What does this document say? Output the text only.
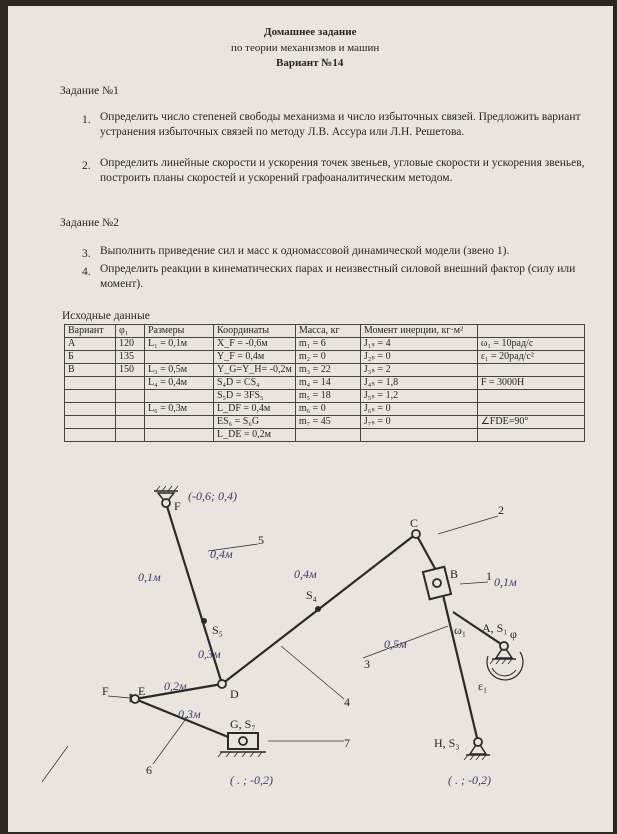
Домашнее задание
по теории механизмов и машин
Вариант №14
Задание №1
1. Определить число степеней свободы механизма и число избыточных связей. Предложить вариант устранения избыточных связей по методу Л.В. Ассура или Л.Н. Решетова.
2. Определить линейные скорости и ускорения точек звеньев, угловые скорости и ускорения звеньев, построить планы скоростей и ускорений графоаналитическим методом.
Задание №2
3. Выполнить приведение сил и масс к одномассовой динамической модели (звено 1).
4. Определить реакции в кинематических парах и неизвестный силовой внешний фактор (силу или момент).
Исходные данные
Вариант	φ₁	Размеры	Координаты	Масса, кг	Момент инерции, кг·м²	
А	120	L₁ = 0,1м	X_F = -0,6м	m₁ = 6	J₁ₛ = 4	ω₁ = 10рад/с
Б	135		Y_F = 0,4м	m₂ = 0	J₂ₛ = 0	ε₁ = 20рад/с²
В	150	L₃ = 0,5м	Y_G=Y_H= -0,2м	m₃ = 22	J₃ₛ = 2	
		L₄ = 0,4м	S₄D = CS₄	m₄ = 14	J₄ₛ = 1,8	F = 3000Н
			S₅D = 3FS₅	m₅ = 18	J₅ₛ = 1,2	
		L₆ = 0,3м	L_DF = 0,4м	m₆ = 0	J₆ₛ = 0	
			ES₆ = S₆G	m₇ = 45	J₇ₛ = 0	∠FDE=90°
			L_DE = 0,2м			
F
C
B
A, S₁ φ
ω₁
ε₁
S₅
S₄
D
E
F
G, S₇
H, S₃
1
2
3
4
5
6
7
(-0,6; 0,4)
0,4м
0,1м	0,4м
0,3м
0,2м
0,3м
0,5м
0,1м
( . ; -0,2)	( . ; -0,2)
